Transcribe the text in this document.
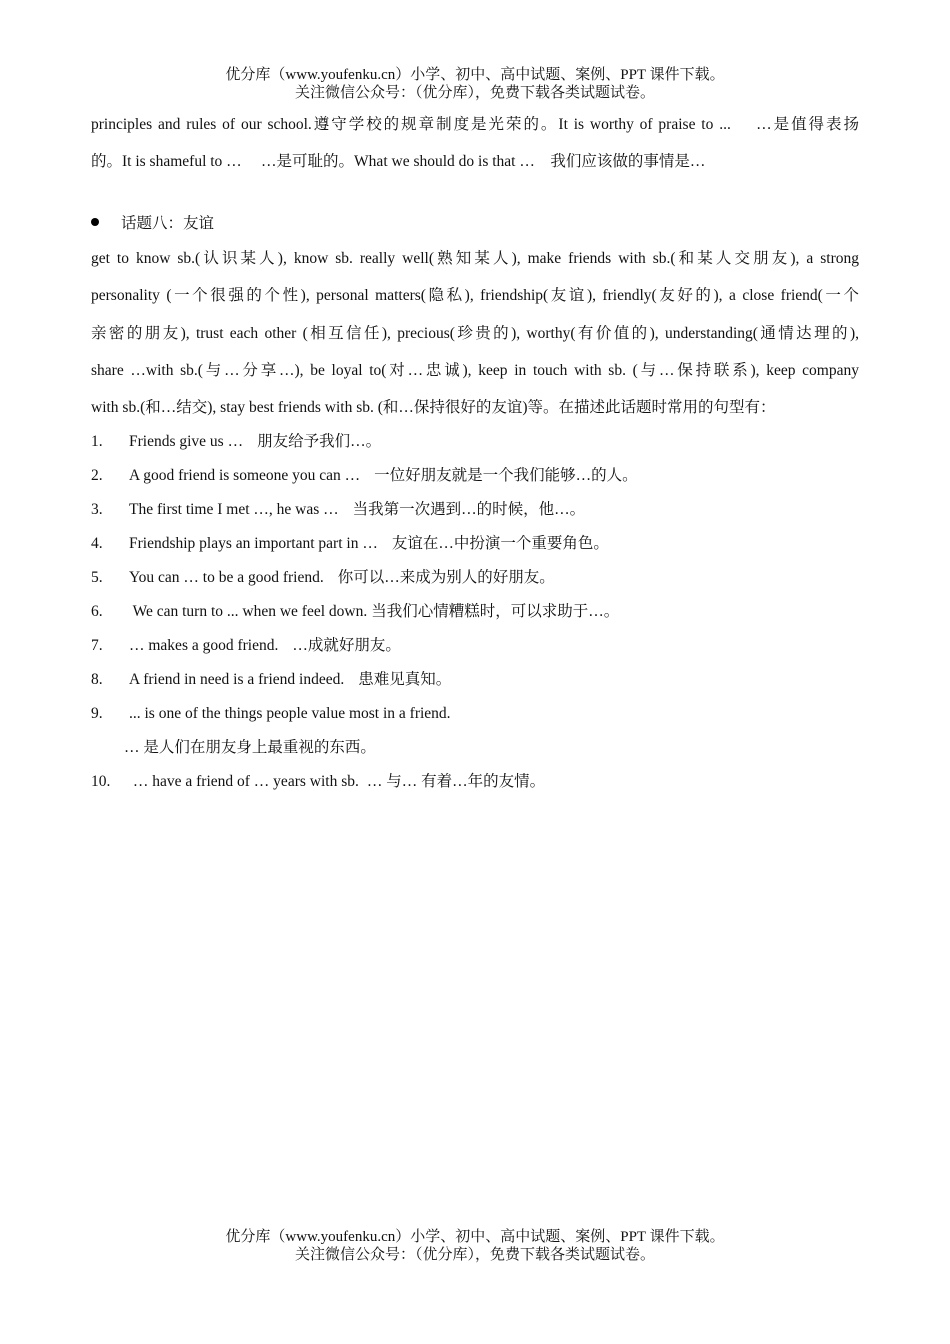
优分库（www.youfenku.cn）小学、初中、高中试题、案例、PPT 课件下载。
关注微信公众号：（优分库），免费下载各类试题试卷。

principles and rules of our school.遵守学校的规章制度是光荣的。It is worthy of praise to ...　 …是值得表扬

的。It is shameful to …　 …是可耻的。What we should do is that …　我们应该做的事情是…

话题八：友谊

get to know sb.(认识某人), know sb. really well(熟知某人), make friends with sb.(和某人交朋友), a strong

personality (一个很强的个性), personal matters(隐私), friendship(友谊), friendly(友好的), a close friend(一个

亲密的朋友), trust each other (相互信任), precious(珍贵的), worthy(有价值的), understanding(通情达理的),

share …with sb.(与…分享…), be loyal to(对…忠诚), keep in touch with sb. (与…保持联系), keep company

with sb.(和…结交), stay best friends with sb. (和…保持很好的友谊)等。在描述此话题时常用的句型有：

1. Friends give us … 朋友给予我们…。
2. A good friend is someone you can … 一位好朋友就是一个我们能够…的人。
3. The first time I met …, he was … 当我第一次遇到…的时候，他…。
4. Friendship plays an important part in … 友谊在…中扮演一个重要角色。
5. You can … to be a good friend. 你可以…来成为别人的好朋友。
6. We can turn to ... when we feel down. 当我们心情糟糕时，可以求助于…。
7. … makes a good friend. …成就好朋友。
8. A friend in need is a friend indeed. 患难见真知。
9. ... is one of the things people value most in a friend.
… 是人们在朋友身上最重视的东西。
10. … have a friend of … years with sb. … 与… 有着…年的友情。
优分库（www.youfenku.cn）小学、初中、高中试题、案例、PPT 课件下载。
关注微信公众号：（优分库），免费下载各类试题试卷。
